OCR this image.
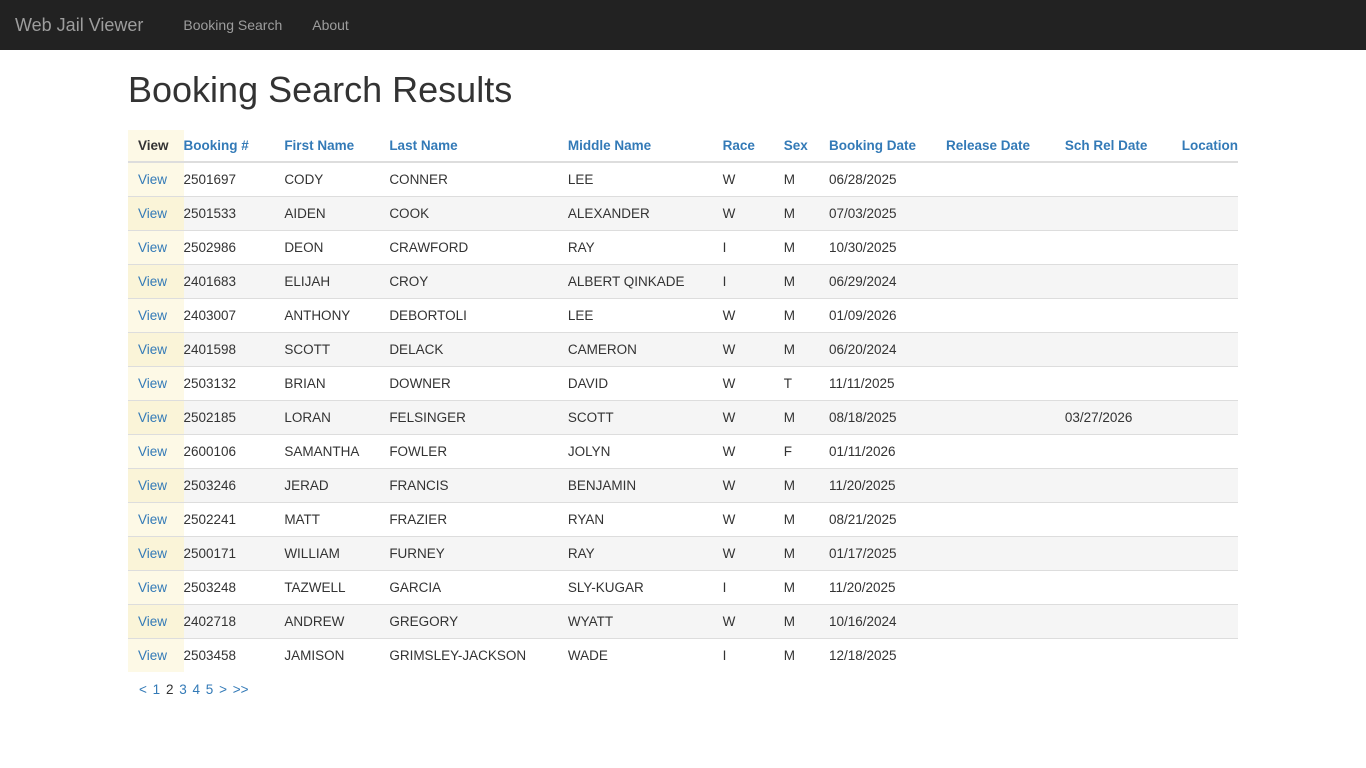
Web Jail Viewer	Booking Search	About
Booking Search Results
View	Booking #	First Name	Last Name	Middle Name	Race	Sex	Booking Date	Release Date	Sch Rel Date	Location
View	2501697	CODY	CONNER	LEE	W	M	06/28/2025			
View	2501533	AIDEN	COOK	ALEXANDER	W	M	07/03/2025			
View	2502986	DEON	CRAWFORD	RAY	I	M	10/30/2025			
View	2401683	ELIJAH	CROY	ALBERT QINKADE	I	M	06/29/2024			
View	2403007	ANTHONY	DEBORTOLI	LEE	W	M	01/09/2026			
View	2401598	SCOTT	DELACK	CAMERON	W	M	06/20/2024			
View	2503132	BRIAN	DOWNER	DAVID	W	T	11/11/2025			
View	2502185	LORAN	FELSINGER	SCOTT	W	M	08/18/2025		03/27/2026	
View	2600106	SAMANTHA	FOWLER	JOLYN	W	F	01/11/2026			
View	2503246	JERAD	FRANCIS	BENJAMIN	W	M	11/20/2025			
View	2502241	MATT	FRAZIER	RYAN	W	M	08/21/2025			
View	2500171	WILLIAM	FURNEY	RAY	W	M	01/17/2025			
View	2503248	TAZWELL	GARCIA	SLY-KUGAR	I	M	11/20/2025			
View	2402718	ANDREW	GREGORY	WYATT	W	M	10/16/2024			
View	2503458	JAMISON	GRIMSLEY-JACKSON	WADE	I	M	12/18/2025			
< 1 2 3 4 5 > >>
